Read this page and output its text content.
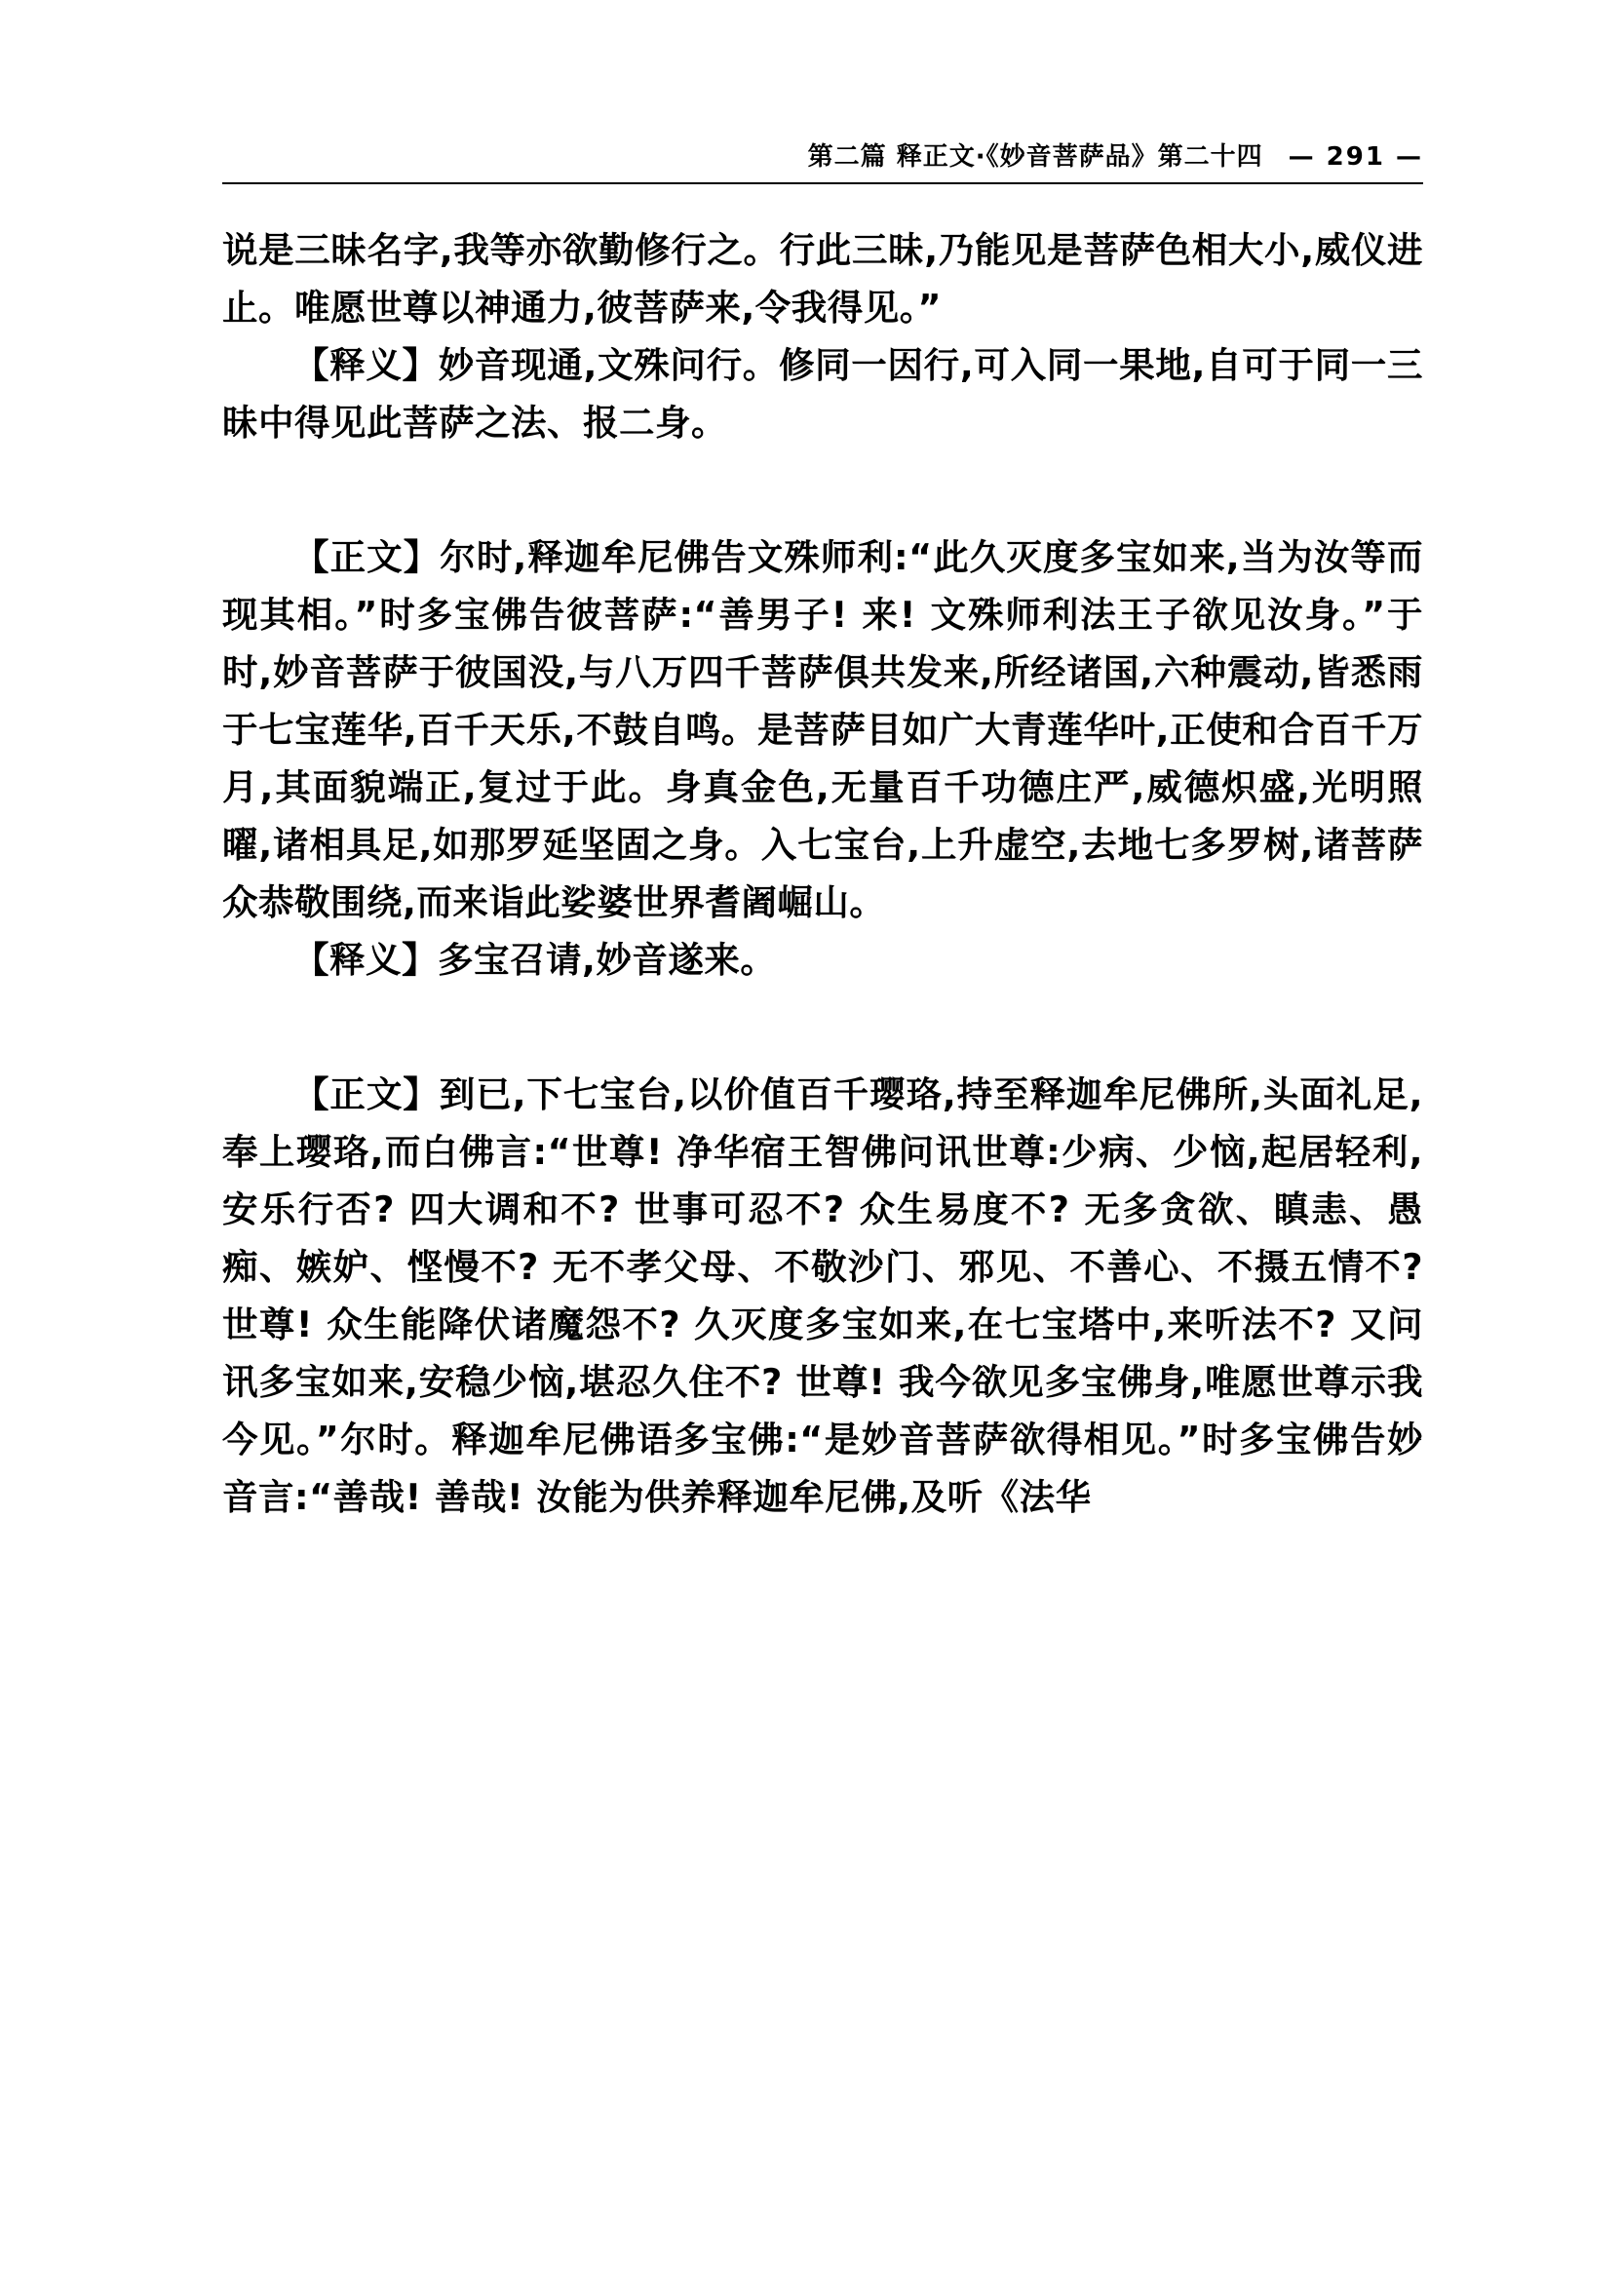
第二篇 释正文·《妙音菩萨品》第二十四 — 291 —

说是三昧名字,我等亦欲勤修行之。行此三昧,乃能见是菩萨色相大小,威仪进止。唯愿世尊以神通力,彼菩萨来,令我得见。”

【释义】妙音现通,文殊问行。修同一因行,可入同一果地,自可于同一三昧中得见此菩萨之法、报二身。

【正文】尔时,释迦牟尼佛告文殊师利:“此久灭度多宝如来,当为汝等而现其相。”时多宝佛告彼菩萨:“善男子! 来! 文殊师利法王子欲见汝身。”于时,妙音菩萨于彼国没,与八万四千菩萨俱共发来,所经诸国,六种震动,皆悉雨于七宝莲华,百千天乐,不鼓自鸣。是菩萨目如广大青莲华叶,正使和合百千万月,其面貌端正,复过于此。身真金色,无量百千功德庄严,威德炽盛,光明照曜,诸相具足,如那罗延坚固之身。入七宝台,上升虚空,去地七多罗树,诸菩萨众恭敬围绕,而来诣此娑婆世界耆阇崛山。

【释义】多宝召请,妙音遂来。

【正文】到已,下七宝台,以价值百千璎珞,持至释迦牟尼佛所,头面礼足,奉上璎珞,而白佛言:“世尊! 净华宿王智佛问讯世尊:少病、少恼,起居轻利,安乐行否? 四大调和不? 世事可忍不? 众生易度不? 无多贪欲、瞋恚、愚痴、嫉妒、悭慢不? 无不孝父母、不敬沙门、邪见、不善心、不摄五情不? 世尊! 众生能降伏诸魔怨不? 久灭度多宝如来,在七宝塔中,来听法不? 又问讯多宝如来,安稳少恼,堪忍久住不? 世尊! 我今欲见多宝佛身,唯愿世尊示我今见。”尔时。释迦牟尼佛语多宝佛:“是妙音菩萨欲得相见。”时多宝佛告妙音言:“善哉! 善哉! 汝能为供养释迦牟尼佛,及听《法华
